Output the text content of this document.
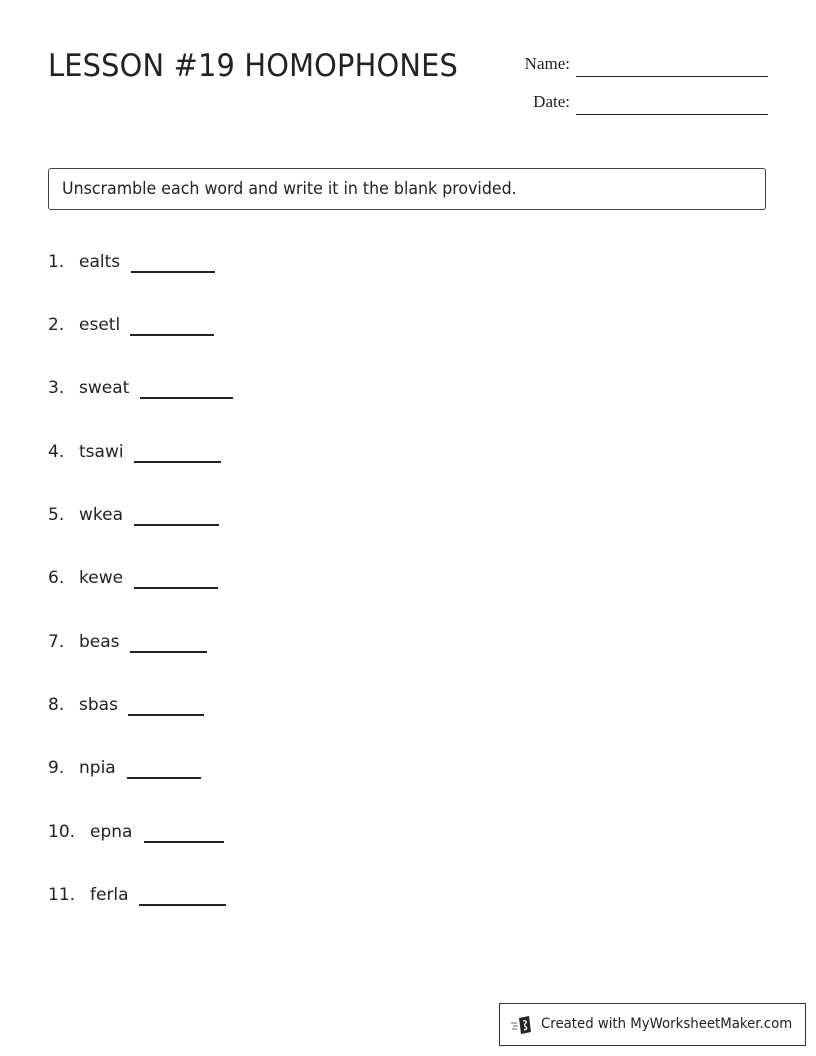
LESSON #19 HOMOPHONES	Name:
Date:
Unscramble each word and write it in the blank provided.
1. ealts
2. esetl
3. sweat
4. tsawi
5. wkea
6. kewe
7. beas
8. sbas
9. npia
10. epna
11. ferla
Created with MyWorksheetMaker.com
